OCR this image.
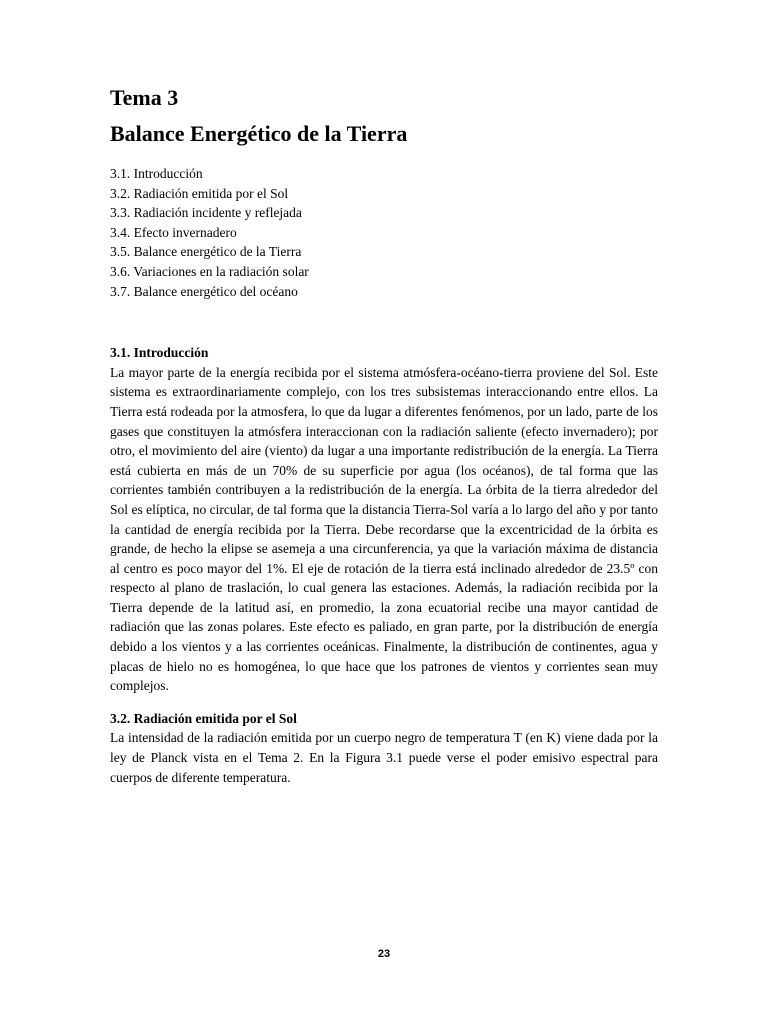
Tema 3
Balance Energético de la Tierra
3.1. Introducción
3.2. Radiación emitida por el Sol
3.3. Radiación incidente y reflejada
3.4. Efecto invernadero
3.5. Balance energético de la Tierra
3.6. Variaciones en la radiación solar
3.7. Balance energético del océano
3.1. Introducción

La mayor parte de la energía recibida por el sistema atmósfera-océano-tierra proviene del Sol. Este sistema es extraordinariamente complejo, con los tres subsistemas interaccionando entre ellos. La Tierra está rodeada por la atmosfera, lo que da lugar a diferentes fenómenos, por un lado, parte de los gases que constituyen la atmósfera interaccionan con la radiación saliente (efecto invernadero); por otro, el movimiento del aire (viento) da lugar a una importante redistribución de la energía. La Tierra está cubierta en más de un 70% de su superficie por agua (los océanos), de tal forma que las corrientes también contribuyen a la redistribución de la energía. La órbita de la tierra alrededor del Sol es elíptica, no circular, de tal forma que la distancia Tierra-Sol varía a lo largo del año y por tanto la cantidad de energía recibida por la Tierra. Debe recordarse que la excentricidad de la órbita es grande, de hecho la elipse se asemeja a una circunferencia, ya que la variación máxima de distancia al centro es poco mayor del 1%. El eje de rotación de la tierra está inclinado alrededor de 23.5º con respecto al plano de traslación, lo cual genera las estaciones. Además, la radiación recibida por la Tierra depende de la latitud así, en promedio, la zona ecuatorial recibe una mayor cantidad de radiación que las zonas polares. Este efecto es paliado, en gran parte, por la distribución de energía debido a los vientos y a las corrientes oceánicas. Finalmente, la distribución de continentes, agua y placas de hielo no es homogénea, lo que hace que los patrones de vientos y corrientes sean muy complejos.

3.2. Radiación emitida por el Sol

La intensidad de la radiación emitida por un cuerpo negro de temperatura T (en K) viene dada por la ley de Planck vista en el Tema 2. En la Figura 3.1 puede verse el poder emisivo espectral para cuerpos de diferente temperatura.

23
